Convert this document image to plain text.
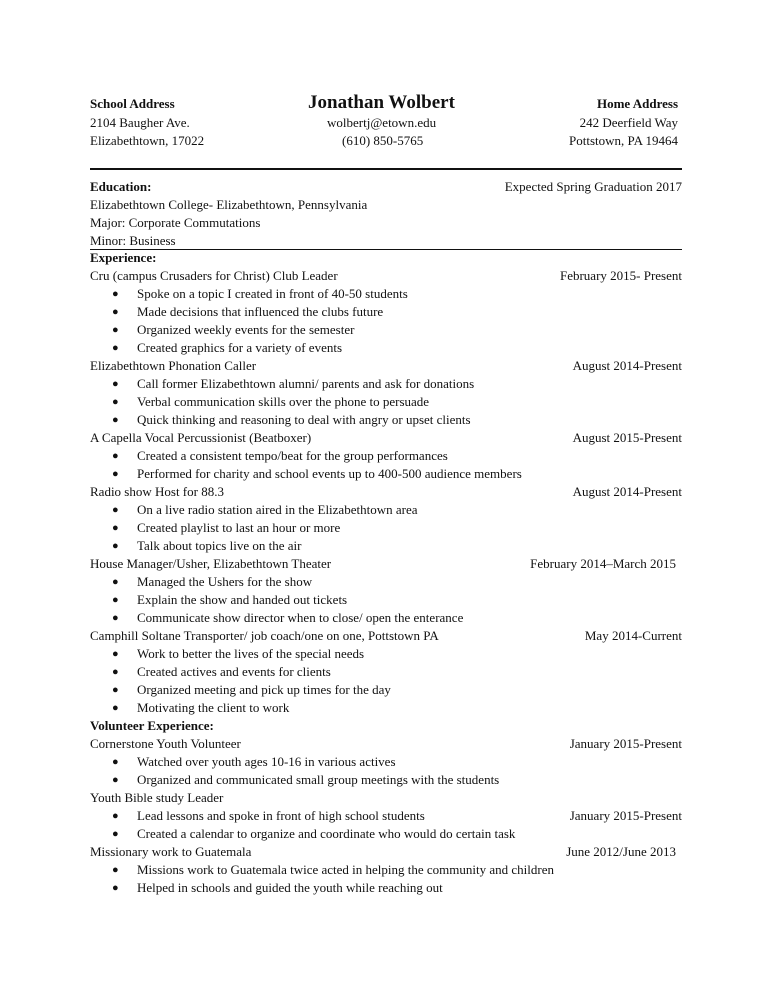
School Address	Jonathan Wolbert	Home Address
2104 Baugher Ave.	wolbertj@etown.edu	242 Deerfield Way
Elizabethtown, 17022	(610) 850-5765	Pottstown, PA 19464
Education:	Expected Spring Graduation 2017
Elizabethtown College- Elizabethtown, Pennsylvania
Major: Corporate Commutations
Minor: Business
Experience:
Cru (campus Crusaders for Christ) Club Leader	February 2015- Present
● Spoke on a topic I created in front of 40-50 students
● Made decisions that influenced the clubs future
● Organized weekly events for the semester
● Created graphics for a variety of events
Elizabethtown Phonation Caller	August 2014-Present
● Call former Elizabethtown alumni/ parents and ask for donations
● Verbal communication skills over the phone to persuade
● Quick thinking and reasoning to deal with angry or upset clients
A Capella Vocal Percussionist (Beatboxer)	August 2015-Present
● Created a consistent tempo/beat for the group performances
● Performed for charity and school events up to 400-500 audience members
Radio show Host for 88.3	August 2014-Present
● On a live radio station aired in the Elizabethtown area
● Created playlist to last an hour or more
● Talk about topics live on the air
House Manager/Usher, Elizabethtown Theater	February 2014–March 2015
● Managed the Ushers for the show
● Explain the show and handed out tickets
● Communicate show director when to close/ open the enterance
Camphill Soltane Transporter/ job coach/one on one, Pottstown PA	May 2014-Current
● Work to better the lives of the special needs
● Created actives and events for clients
● Organized meeting and pick up times for the day
● Motivating the client to work
Volunteer Experience:
Cornerstone Youth Volunteer	January 2015-Present
● Watched over youth ages 10-16 in various actives
● Organized and communicated small group meetings with the students
Youth Bible study Leader
● Lead lessons and spoke in front of high school students	January 2015-Present
● Created a calendar to organize and coordinate who would do certain task
Missionary work to Guatemala	June 2012/June 2013
● Missions work to Guatemala twice acted in helping the community and children
● Helped in schools and guided the youth while reaching out
